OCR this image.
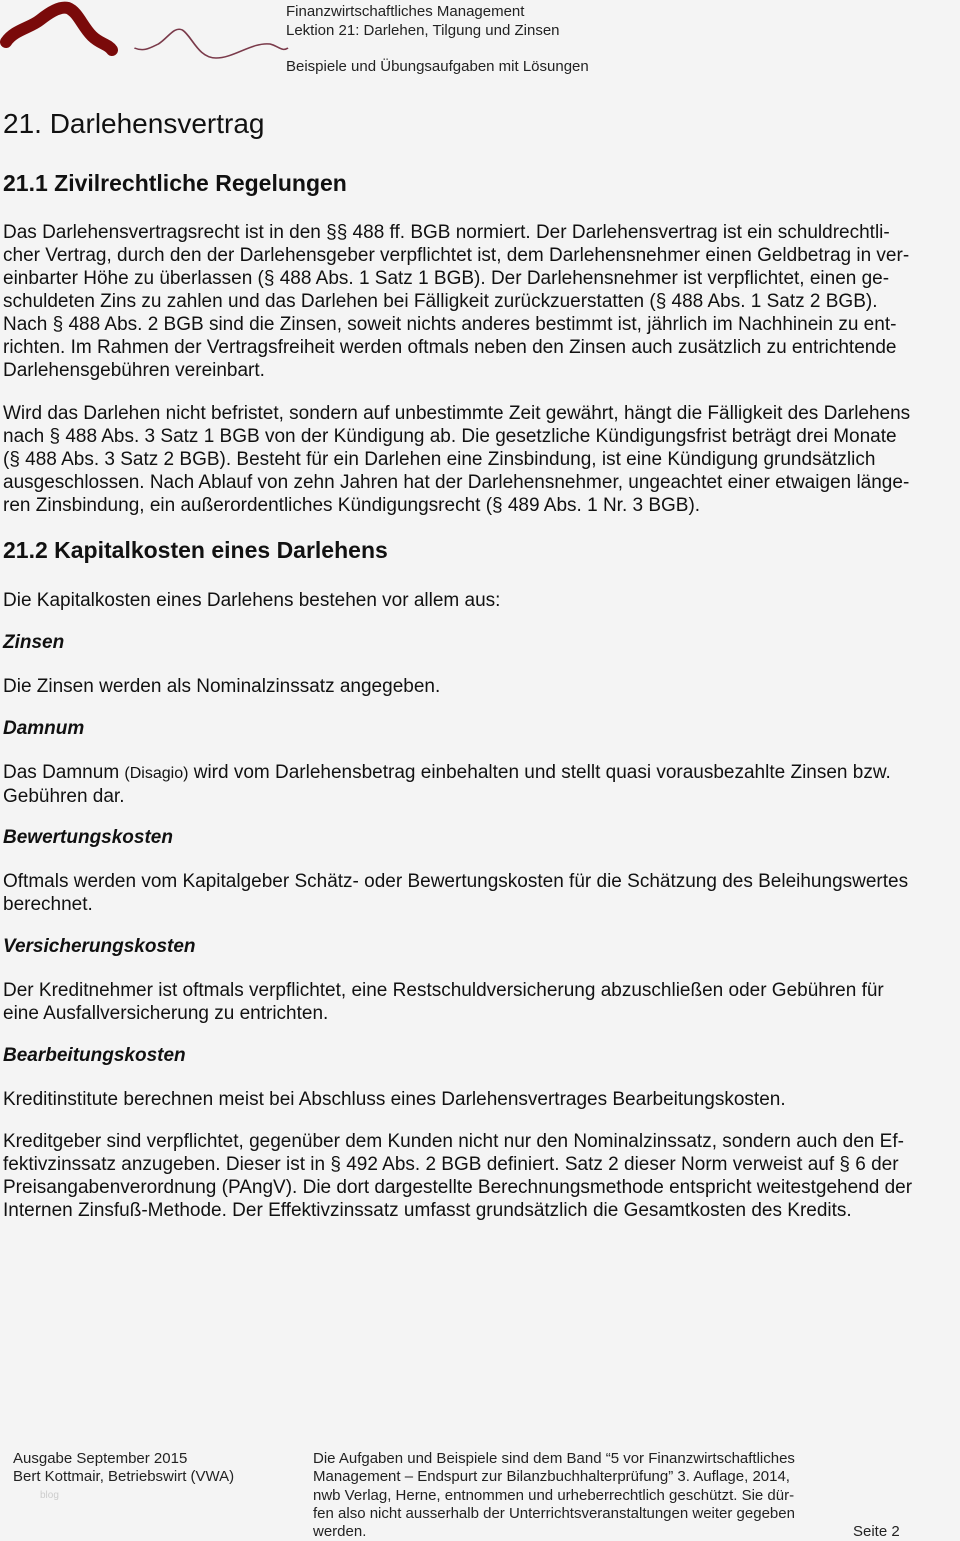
Finanzwirtschaftliches Management
Lektion 21: Darlehen, Tilgung und Zinsen
Beispiele und Übungsaufgaben mit Lösungen
21. Darlehensvertrag
21.1 Zivilrechtliche Regelungen
Das Darlehensvertragsrecht ist in den §§ 488 ff. BGB normiert. Der Darlehensvertrag ist ein schuldrechtli-
cher Vertrag, durch den der Darlehensgeber verpflichtet ist, dem Darlehensnehmer einen Geldbetrag in ver-
einbarter Höhe zu überlassen (§ 488 Abs. 1 Satz 1 BGB). Der Darlehensnehmer ist verpflichtet, einen ge-
schuldeten Zins zu zahlen und das Darlehen bei Fälligkeit zurückzuerstatten (§ 488 Abs. 1 Satz 2 BGB).
Nach § 488 Abs. 2 BGB sind die Zinsen, soweit nichts anderes bestimmt ist, jährlich im Nachhinein zu ent-
richten. Im Rahmen der Vertragsfreiheit werden oftmals neben den Zinsen auch zusätzlich zu entrichtende
Darlehensgebühren vereinbart.
Wird das Darlehen nicht befristet, sondern auf unbestimmte Zeit gewährt, hängt die Fälligkeit des Darlehens
nach § 488 Abs. 3 Satz 1 BGB von der Kündigung ab. Die gesetzliche Kündigungsfrist beträgt drei Monate
(§ 488 Abs. 3 Satz 2 BGB). Besteht für ein Darlehen eine Zinsbindung, ist eine Kündigung grundsätzlich
ausgeschlossen. Nach Ablauf von zehn Jahren hat der Darlehensnehmer, ungeachtet einer etwaigen länge-
ren Zinsbindung, ein außerordentliches Kündigungsrecht (§ 489 Abs. 1 Nr. 3 BGB).
21.2 Kapitalkosten eines Darlehens
Die Kapitalkosten eines Darlehens bestehen vor allem aus:
Zinsen
Die Zinsen werden als Nominalzinssatz angegeben.
Damnum
Das Damnum (Disagio) wird vom Darlehensbetrag einbehalten und stellt quasi vorausbezahlte Zinsen bzw.
Gebühren dar.
Bewertungskosten
Oftmals werden vom Kapitalgeber Schätz- oder Bewertungskosten für die Schätzung des Beleihungswertes
berechnet.
Versicherungskosten
Der Kreditnehmer ist oftmals verpflichtet, eine Restschuldversicherung abzuschließen oder Gebühren für
eine Ausfallversicherung zu entrichten.
Bearbeitungskosten
Kreditinstitute berechnen meist bei Abschluss eines Darlehensvertrages Bearbeitungskosten.
Kreditgeber sind verpflichtet, gegenüber dem Kunden nicht nur den Nominalzinssatz, sondern auch den Ef-
fektivzinssatz anzugeben. Dieser ist in § 492 Abs. 2 BGB definiert. Satz 2 dieser Norm verweist auf § 6 der
Preisangabenverordnung (PAngV). Die dort dargestellte Berechnungsmethode entspricht weitestgehend der
Internen Zinsfuß-Methode. Der Effektivzinssatz umfasst grundsätzlich die Gesamtkosten des Kredits.
Ausgabe September 2015
Bert Kottmair, Betriebswirt (VWA)
blog
Die Aufgaben und Beispiele sind dem Band “5 vor Finanzwirtschaftliches
Management – Endspurt zur Bilanzbuchhalterprüfung” 3. Auflage, 2014,
nwb Verlag, Herne, entnommen und urheberrechtlich geschützt. Sie dür-
fen also nicht ausserhalb der Unterrichtsveranstaltungen weiter gegeben
werden.	Seite 2
